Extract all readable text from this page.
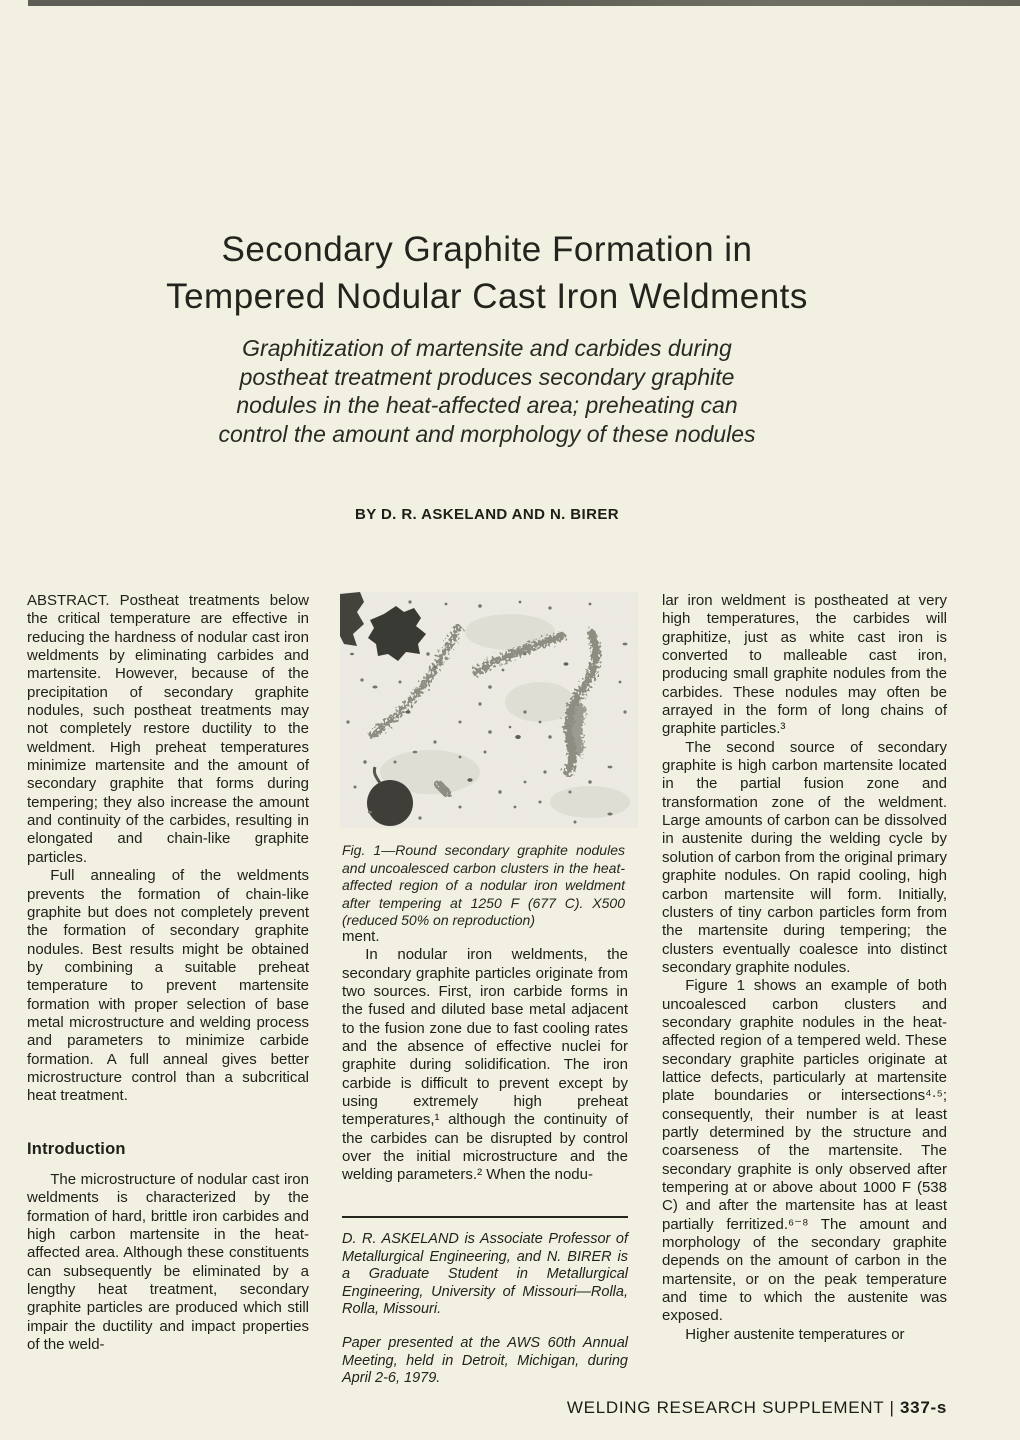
Secondary Graphite Formation in
Tempered Nodular Cast Iron Weldments
Graphitization of martensite and carbides during
postheat treatment produces secondary graphite
nodules in the heat-affected area; preheating can
control the amount and morphology of these nodules
BY D. R. ASKELAND AND N. BIRER

ABSTRACT. Postheat treatments below the critical temperature are effective in reducing the hardness of nodular cast iron weldments by eliminating carbides and martensite. However, because of the precipitation of secondary graphite nodules, such postheat treatments may not completely restore ductility to the weldment. High preheat temperatures minimize martensite and the amount of secondary graphite that forms during tempering; they also increase the amount and continuity of the carbides, resulting in elongated and chain-like graphite particles.

Full annealing of the weldments prevents the formation of chain-like graphite but does not completely prevent the formation of secondary graphite nodules. Best results might be obtained by combining a suitable preheat temperature to prevent martensite formation with proper selection of base metal microstructure and welding process and parameters to minimize carbide formation. A full anneal gives better microstructure control than a subcritical heat treatment.

Introduction

The microstructure of nodular cast iron weldments is characterized by the formation of hard, brittle iron carbides and high carbon martensite in the heat-affected area. Although these constituents can subsequently be eliminated by a lengthy heat treatment, secondary graphite particles are produced which still impair the ductility and impact properties of the weld-

Fig. 1—Round secondary graphite nodules and uncoalesced carbon clusters in the heat-affected region of a nodular iron weldment after tempering at 1250 F (677 C). X500 (reduced 50% on reproduction)

ment.

In nodular iron weldments, the secondary graphite particles originate from two sources. First, iron carbide forms in the fused and diluted base metal adjacent to the fusion zone due to fast cooling rates and the absence of effective nuclei for graphite during solidification. The iron carbide is difficult to prevent except by using extremely high preheat temperatures,¹ although the continuity of the carbides can be disrupted by control over the initial microstructure and the welding parameters.² When the nodu-

D. R. ASKELAND is Associate Professor of Metallurgical Engineering, and N. BIRER is a Graduate Student in Metallurgical Engineering, University of Missouri—Rolla, Rolla, Missouri.

Paper presented at the AWS 60th Annual Meeting, held in Detroit, Michigan, during April 2-6, 1979.

lar iron weldment is postheated at very high temperatures, the carbides will graphitize, just as white cast iron is converted to malleable cast iron, producing small graphite nodules from the carbides. These nodules may often be arrayed in the form of long chains of graphite particles.³

The second source of secondary graphite is high carbon martensite located in the partial fusion zone and transformation zone of the weldment. Large amounts of carbon can be dissolved in austenite during the welding cycle by solution of carbon from the original primary graphite nodules. On rapid cooling, high carbon martensite will form. Initially, clusters of tiny carbon particles form from the martensite during tempering; the clusters eventually coalesce into distinct secondary graphite nodules.

Figure 1 shows an example of both uncoalesced carbon clusters and secondary graphite nodules in the heat-affected region of a tempered weld. These secondary graphite particles originate at lattice defects, particularly at martensite plate boundaries or intersections⁴·⁵; consequently, their number is at least partly determined by the structure and coarseness of the martensite. The secondary graphite is only observed after tempering at or above about 1000 F (538 C) and after the martensite has at least partially ferritized.⁶⁻⁸ The amount and morphology of the secondary graphite depends on the amount of carbon in the martensite, or on the peak temperature and time to which the austenite was exposed.

Higher austenite temperatures or

WELDING RESEARCH SUPPLEMENT | 337-s
